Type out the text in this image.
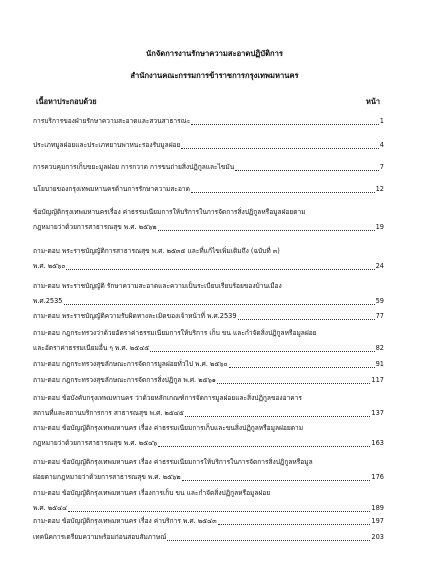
นักจัดการงานรักษาความสะอาดปฏิบัติการ
สำนักงานคณะกรรมการข้าราชการกรุงเทพมหานคร
เนื้อหาประกอบด้วย	หน้า
การบริการของฝ่ายรักษาความสะอาดและสวนสาธารณะ	1
ประเภทมูลฝอยและประเภทยานพาหนะรองรับมูลฝอย	4
การควบคุมการเก็บขยะมูลฝอย การกวาด การขนถ่ายสิ่งปฏิกูลและไขมัน	7
นโยบายของกรุงเทพมหานครด้านการรักษาความสะอาด	12
ข้อบัญญัติกรุงเทพมหานครเรื่อง ค่าธรรมเนียมการให้บริการในการจัดการสิ่งปฏิกูลหรือมูลฝอยตาม
กฎหมายว่าด้วยการสาธารณสุข พ.ศ. ๒๕๖๒	19
ถาม-ตอบ พระราชบัญญัติการสาธารณสุข พ.ศ. ๒๕๓๕ และที่แก้ไขเพิ่มเติมถึง (ฉบับที่ ๓)
พ.ศ. ๒๕๖๐	24
ถาม-ตอบ พระราชบัญญัติ รักษาความสะอาดและความเป็นระเบียบเรียบร้อยของบ้านเมือง
พ.ศ.2535	59
ถาม-ตอบ พระราชบัญญัติความรับผิดทางละเมิดของเจ้าหน้าที่ พ.ศ.2539	77
ถาม-ตอบ กฎกระทรวงว่าด้วยอัตราค่าธรรมเนียมการให้บริการ เก็บ ขน และกำจัดสิ่งปฏิกูลหรือมูลฝอย
และอัตราค่าธรรมเนียมอื่น ๆ พ.ศ. ๒๕๔๕	82
ถาม-ตอบ กฎกระทรวงสุขลักษณะการจัดการมูลฝอยทั่วไป พ.ศ. ๒๕๖๐	91
ถาม-ตอบ กฎกระทรวงสุขลักษณะการจัดการสิ่งปฏิกูล พ.ศ. ๒๕๖๑	117
ถาม-ตอบ ข้อบังคับกรุงเทพมหานคร ว่าด้วยหลักเกณฑ์การจัดการมูลฝอยและสิ่งปฏิกูลของอาคาร
สถานที่และสถานบริการการ สาธารณสุข พ.ศ. ๒๕๔๕	137
ถาม-ตอบ ข้อบัญญัติกรุงเทพมหานคร เรื่อง ค่าธรรมเนียมการเก็บและขนสิ่งปฏิกูลหรือมูลฝอยตาม
กฎหมายว่าด้วยการสาธารณสุข พ.ศ. ๒๕๔๖	163
ถาม-ตอบ ข้อบัญญัติกรุงเทพมหานคร เรื่อง ค่าธรรมเนียมการให้บริการในการจัดการสิ่งปฏิกูลหรือมูล
ฝอยตามกฎหมายว่าด้วยการสาธารณสุข พ.ศ. ๒๕๖๒	176
ถาม-ตอบ ข้อบัญญัติกรุงเทพมหานคร เรื่องการเก็บ ขน และกำจัดสิ่งปฏิกูลหรือมูลฝอย
พ.ศ. ๒๕๔๔	189
ถาม-ตอบ ข้อบัญญัติกรุงเทพมหานคร เรื่อง ค่าบริการ พ.ศ. ๒๕๔๓	197
เทคนิคการเตรียมความพร้อมก่อนสอบสัมภาษณ์	203
